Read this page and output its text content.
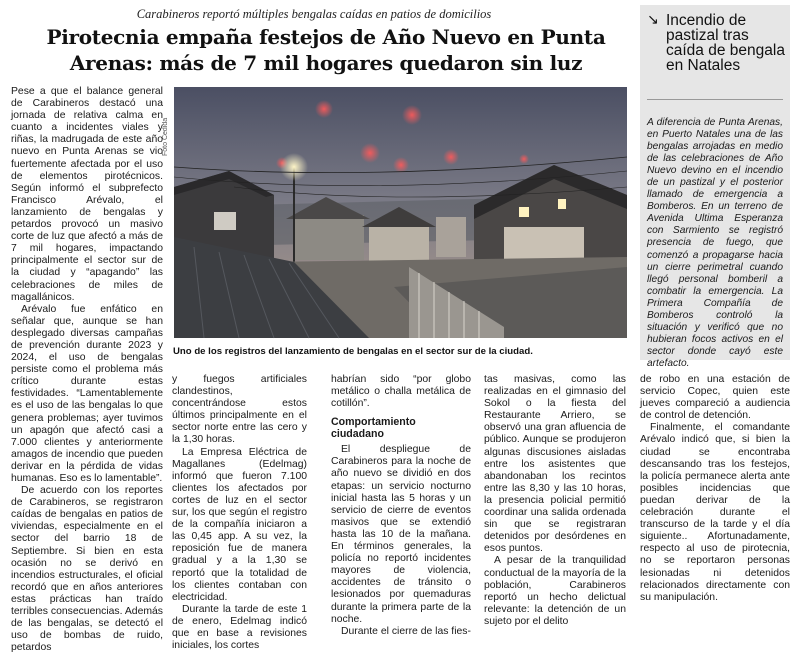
Carabineros reportó múltiples bengalas caídas en patios de domicilios
Pirotecnia empaña festejos de Año Nuevo en Punta Arenas: más de 7 mil hogares quedaron sin luz
Foto Cedida
Uno de los registros del lanzamiento de bengalas en el sector sur de la ciudad.

Pese a que el balance general de Carabineros destacó una jornada de relativa calma en cuanto a incidentes viales y riñas, la madrugada de este año nuevo en Punta Arenas se vio fuertemente afectada por el uso de elementos pirotécnicos. Según informó el subprefecto Francisco Arévalo, el lanzamiento de bengalas y petardos provocó un masivo corte de luz que afectó a más de 7 mil hogares, impactando principalmente el sector sur de la ciudad y “apagando” las celebraciones de miles de magallánicos.

Arévalo fue enfático en señalar que, aunque se han desplegado diversas campañas de prevención durante 2023 y 2024, el uso de bengalas persiste como el problema más crítico durante estas festividades. “Lamentablemente es el uso de las bengalas lo que genera problemas; ayer tuvimos un apagón que afectó casi a 7.000 clientes y anteriormente amagos de incendio que pueden derivar en la pérdida de vidas humanas. Eso es lo lamentable”.

De acuerdo con los reportes de Carabineros, se registraron caídas de bengalas en patios de viviendas, especialmente en el sector del barrio 18 de Septiembre. Si bien en esta ocasión no se derivó en incendios estructurales, el oficial recordó que en años anteriores estas prácticas han traído terribles consecuencias. Además de las bengalas, se detectó el uso de bombas de ruido, petardos

y fuegos artificiales clandestinos, concentrándose estos últimos principalmente en el sector norte entre las cero y la 1,30 horas.

La Empresa Eléctrica de Magallanes (Edelmag) informó que fueron 7.100 clientes los afectados por cortes de luz en el sector sur, los que según el registro de la compañía iniciaron a las 0,45 app. A su vez, la reposición fue de manera gradual y a la 1,30 se reportó que la totalidad de los clientes contaban con electricidad.

Durante la tarde de este 1 de enero, Edelmag indicó que en base a revisiones iniciales, los cortes

habrían sido “por globo metálico o challa metálica de cotillón”.

Comportamiento ciudadano

El despliegue de Carabineros para la noche de año nuevo se dividió en dos etapas: un servicio nocturno inicial hasta las 5 horas y un servicio de cierre de eventos masivos que se extendió hasta las 10 de la mañana. En términos generales, la policía no reportó incidentes mayores de violencia, accidentes de tránsito o lesionados por quemaduras durante la primera parte de la noche.

Durante el cierre de las fies-

tas masivas, como las realizadas en el gimnasio del Sokol o la fiesta del Restaurante Arriero, se observó una gran afluencia de público. Aunque se produjeron algunas discusiones aisladas entre los asistentes que abandonaban los recintos entre las 8,30 y las 10 horas, la presencia policial permitió coordinar una salida ordenada sin que se registraran detenidos por desórdenes en esos puntos.

A pesar de la tranquilidad conductual de la mayoría de la población, Carabineros reportó un hecho delictual relevante: la detención de un sujeto por el delito

de robo en una estación de servicio Copec, quien este jueves compareció a audiencia de control de detención.

Finalmente, el comandante Arévalo indicó que, si bien la ciudad se encontraba descansando tras los festejos, la policía permanece alerta ante posibles incidencias que puedan derivar de la celebración durante el transcurso de la tarde y el día siguiente.. Afortunadamente, respecto al uso de pirotecnia, no se reportaron personas lesionadas ni detenidos relacionados directamente con su manipulación.

↘ Incendio de pastizal tras caída de bengala en Natales
A diferencia de Punta Arenas, en Puerto Natales una de las bengalas arrojadas en medio de las celebraciones de Año Nuevo devino en el incendio de un pastizal y el posterior llamado de emergencia a Bomberos. En un terreno de Avenida Ultima Esperanza con Sarmiento se registró presencia de fuego, que comenzó a propagarse hacia un cierre perimetral cuando llegó personal bomberil a combatir la emergencia. La Primera Compañía de Bomberos controló la situación y verificó que no hubieran focos activos en el sector donde cayó este artefacto.
